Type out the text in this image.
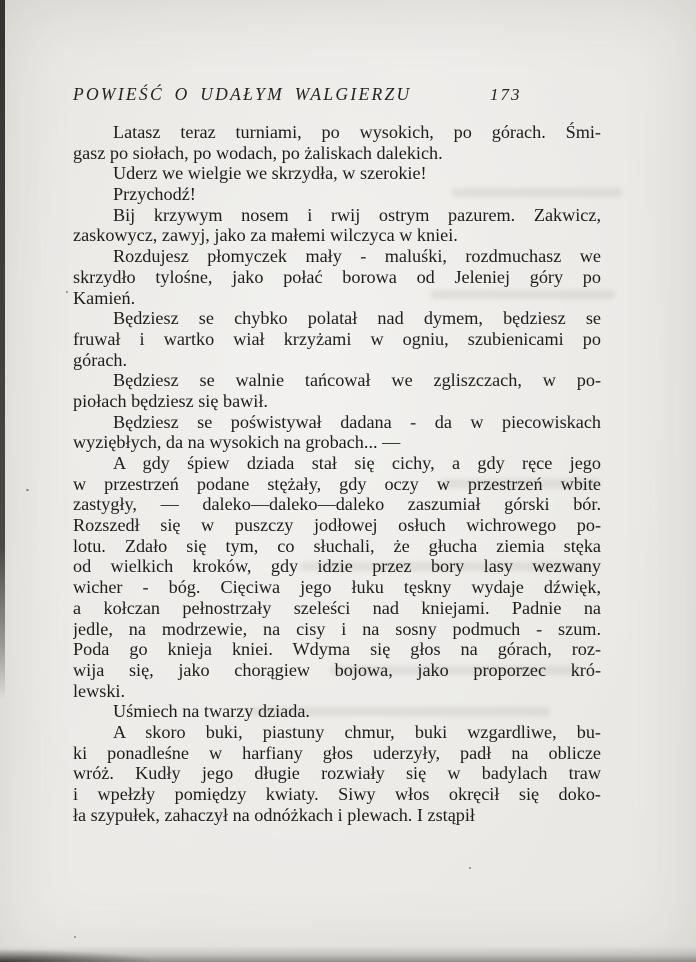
POWIEŚĆ O UDAŁYM WALGIERZU	173
Latasz teraz turniami, po wysokich, po górach. Śmi-
gasz po siołach, po wodach, po żaliskach dalekich.
Uderz we wielgie we skrzydła, w szerokie!
Przychodź!
Bij krzywym nosem i rwij ostrym pazurem. Zakwicz,
zaskowycz, zawyj, jako za małemi wilczyca w kniei.
Rozdujesz płomyczek mały - maluśki, rozdmuchasz we
skrzydło tylośne, jako połać borowa od Jeleniej góry po
Kamień.
Będziesz se chybko polatał nad dymem, będziesz se
fruwał i wartko wiał krzyżami w ogniu, szubienicami po
górach.
Będziesz se walnie tańcował we zgliszczach, w po-
piołach będziesz się bawił.
Będziesz se poświstywał dadana - da w piecowiskach
wyziębłych, da na wysokich na grobach... —
A gdy śpiew dziada stał się cichy, a gdy ręce jego
w przestrzeń podane stężały, gdy oczy w przestrzeń wbite
zastygły, — daleko—daleko—daleko zaszumiał górski bór.
Rozszedł się w puszczy jodłowej osłuch wichrowego po-
lotu. Zdało się tym, co słuchali, że głucha ziemia stęka
od wielkich kroków, gdy idzie przez bory lasy wezwany
wicher - bóg. Cięciwa jego łuku tęskny wydaje dźwięk,
a kołczan pełnostrzały szeleści nad kniejami. Padnie na
jedle, na modrzewie, na cisy i na sosny podmuch - szum.
Poda go knieja kniei. Wdyma się głos na górach, roz-
wija się, jako chorągiew bojowa, jako proporzec kró-
lewski.
Uśmiech na twarzy dziada.
A skoro buki, piastuny chmur, buki wzgardliwe, bu-
ki ponadleśne w harfiany głos uderzyły, padł na oblicze
wróż. Kudły jego długie rozwiały się w badylach traw
i wpełzły pomiędzy kwiaty. Siwy włos okręcił się doko-
ła szypułek, zahaczył na odnóżkach i plewach. I zstąpił
